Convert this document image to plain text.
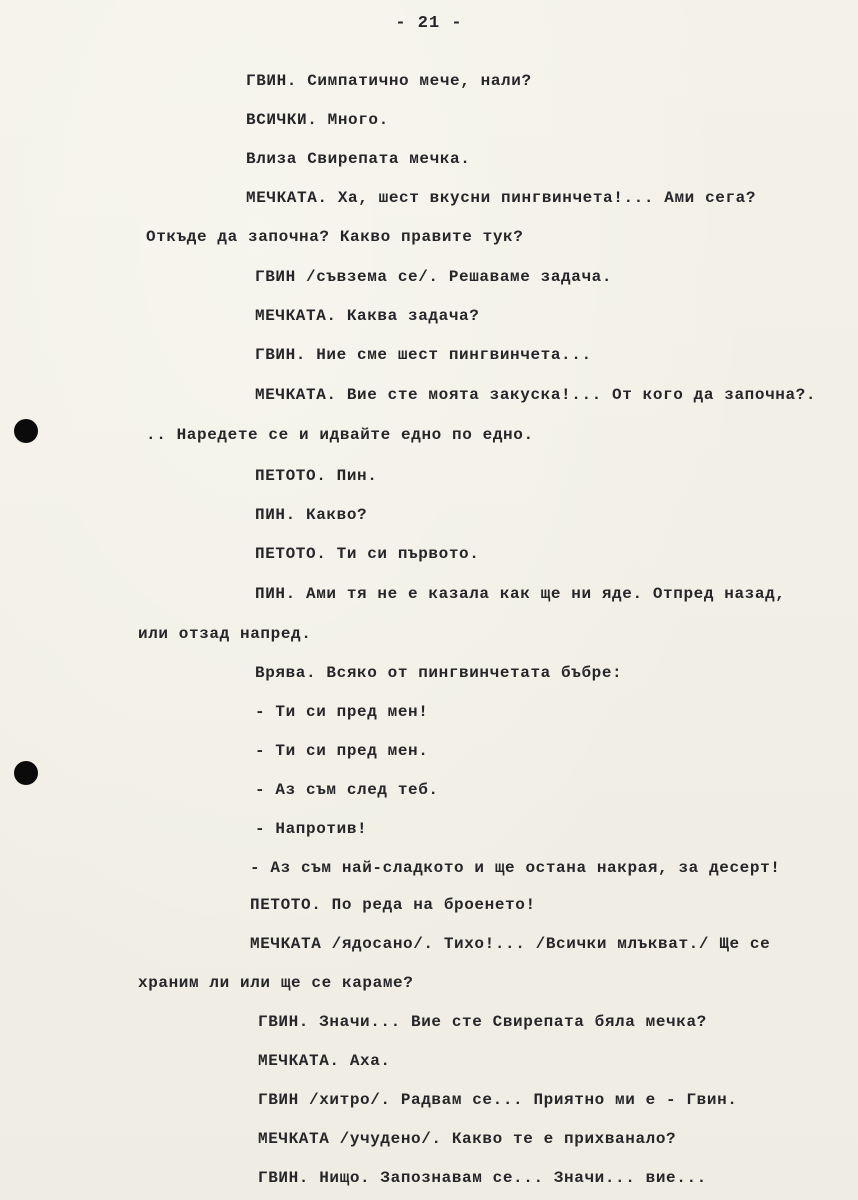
- 21 -

ГВИН. Симпатично мече, нали?

ВСИЧКИ. Много.

Влиза Свирепата мечка.

МЕЧКАТА. Ха, шест вкусни пингвинчета!... Ами сега?

Откъде да започна? Какво правите тук?

ГВИН /съвзема се/. Решаваме задача.

МЕЧКАТА. Каква задача?

ГВИН. Ние сме шест пингвинчета...

МЕЧКАТА. Вие сте моята закуска!... От кого да започна?.

.. Наредете се и идвайте едно по едно.

ПЕТОТО. Пин.

ПИН. Какво?

ПЕТОТО. Ти си първото.

ПИН. Ами тя не е казала как ще ни яде. Отпред назад,

или отзад напред.

Врява. Всяко от пингвинчетата бъбре:

- Ти си пред мен!

- Ти си пред мен.

- Аз съм след теб.

- Напротив!

- Аз съм най-сладкото и ще остана накрая, за десерт!

ПЕТОТО. По реда на броенето!

МЕЧКАТА /ядосано/. Тихо!... /Всички млъкват./ Ще се

храним ли или ще се караме?

ГВИН. Значи... Вие сте Свирепата бяла мечка?

МЕЧКАТА. Аха.

ГВИН /хитро/. Радвам се... Приятно ми е - Гвин.

МЕЧКАТА /учудено/. Какво те е прихванало?

ГВИН. Нищо. Запознавам се... Значи... вие...
